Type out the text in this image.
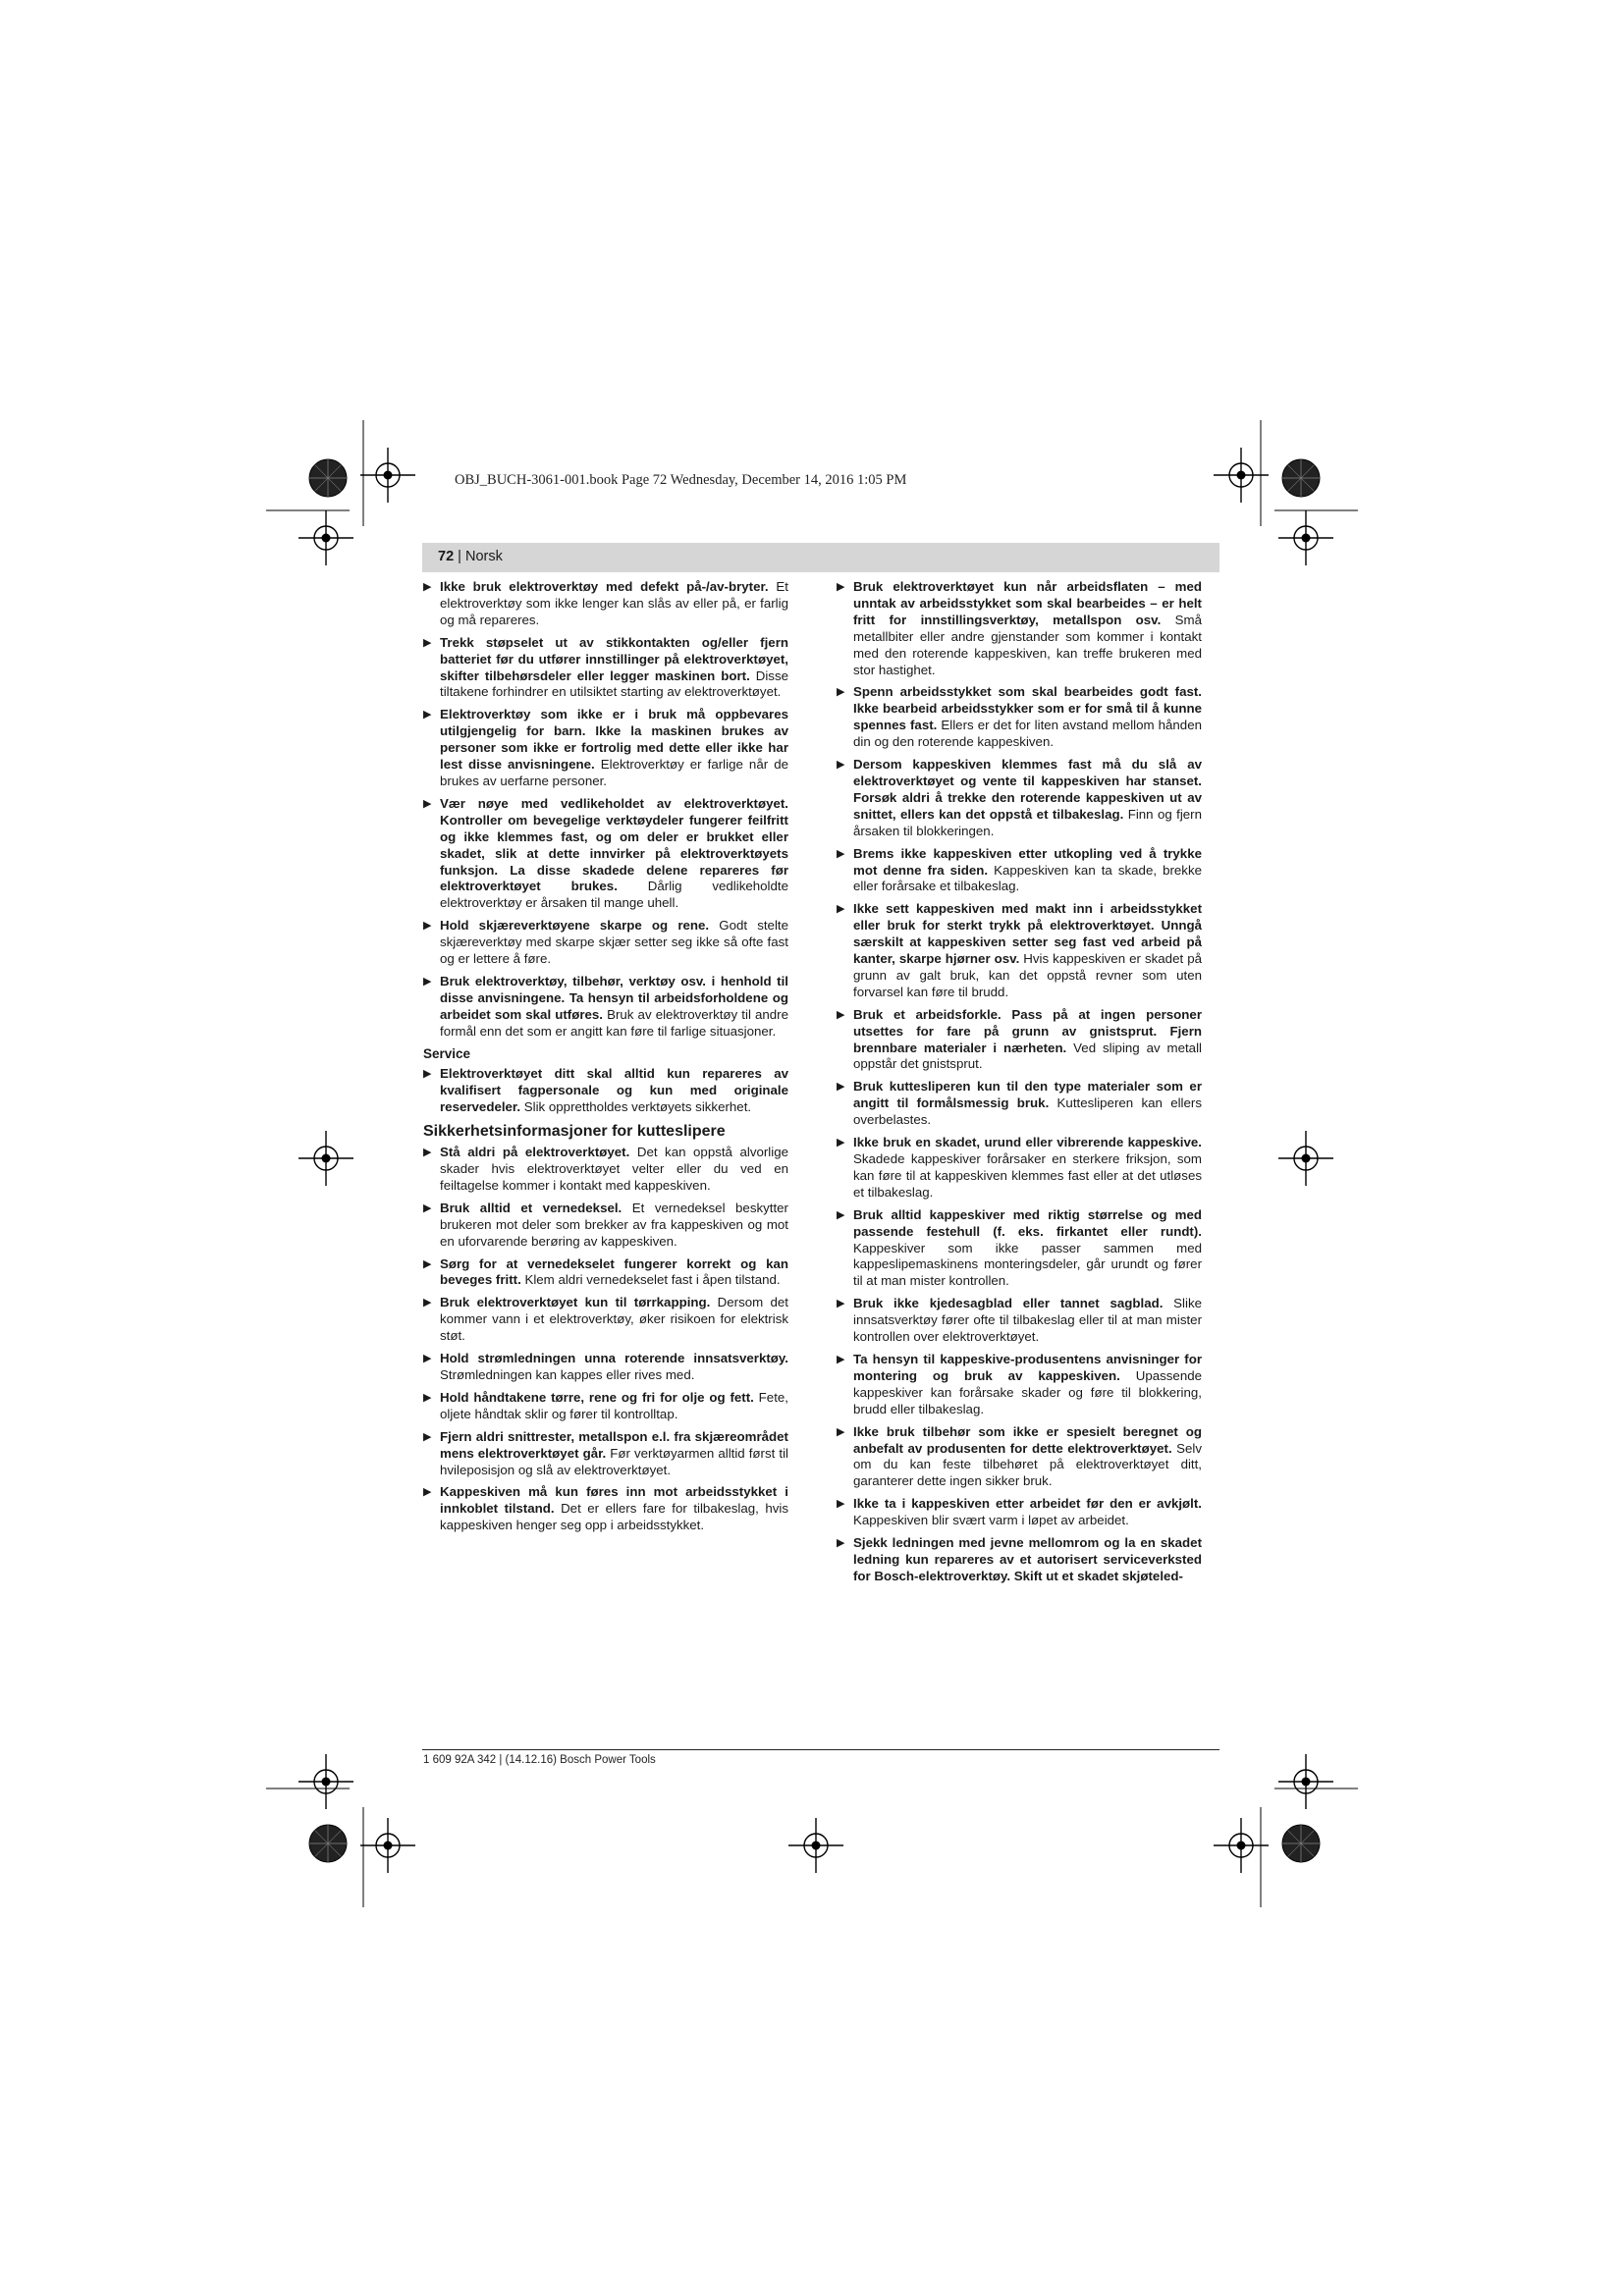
OBJ_BUCH-3061-001.book Page 72 Wednesday, December 14, 2016 1:05 PM
72 | Norsk
▶ Ikke bruk elektroverktøy med defekt på-/av-bryter. Et elektroverktøy som ikke lenger kan slås av eller på, er farlig og må repareres.
▶ Trekk støpselet ut av stikkontakten og/eller fjern batteriet før du utfører innstillinger på elektroverktøyet, skifter tilbehørsdeler eller legger maskinen bort. Disse tiltakene forhindrer en utilsiktet starting av elektroverktøyet.
▶ Elektroverktøy som ikke er i bruk må oppbevares utilgjengelig for barn. Ikke la maskinen brukes av personer som ikke er fortrolig med dette eller ikke har lest disse anvisningene. Elektroverktøy er farlige når de brukes av uerfarne personer.
▶ Vær nøye med vedlikeholdet av elektroverktøyet. Kontroller om bevegelige verktøydeler fungerer feilfritt og ikke klemmes fast, og om deler er brukket eller skadet, slik at dette innvirker på elektroverktøyets funksjon. La disse skadede delene repareres før elektroverktøyet brukes. Dårlig vedlikeholdte elektroverktøy er årsaken til mange uhell.
▶ Hold skjæreverktøyene skarpe og rene. Godt stelte skjæreverktøy med skarpe skjær setter seg ikke så ofte fast og er lettere å føre.
▶ Bruk elektroverktøy, tilbehør, verktøy osv. i henhold til disse anvisningene. Ta hensyn til arbeidsforholdene og arbeidet som skal utføres. Bruk av elektroverktøy til andre formål enn det som er angitt kan føre til farlige situasjoner.
Service
▶ Elektroverktøyet ditt skal alltid kun repareres av kvalifisert fagpersonale og kun med originale reservedeler. Slik opprettholdes verktøyets sikkerhet.
Sikkerhetsinformasjoner for kutteslipere
▶ Stå aldri på elektroverktøyet. Det kan oppstå alvorlige skader hvis elektroverktøyet velter eller du ved en feiltagelse kommer i kontakt med kappeskiven.
▶ Bruk alltid et vernedeksel. Et vernedeksel beskytter brukeren mot deler som brekker av fra kappeskiven og mot en uforvarende berøring av kappeskiven.
▶ Sørg for at vernedekselet fungerer korrekt og kan beveges fritt. Klem aldri vernedekselet fast i åpen tilstand.
▶ Bruk elektroverktøyet kun til tørrkapping. Dersom det kommer vann i et elektroverktøy, øker risikoen for elektrisk støt.
▶ Hold strømledningen unna roterende innsatsverktøy. Strømledningen kan kappes eller rives med.
▶ Hold håndtakene tørre, rene og fri for olje og fett. Fete, oljete håndtak sklir og fører til kontrolltap.
▶ Fjern aldri snittrester, metallspon e.l. fra skjæreområdet mens elektroverktøyet går. Før verktøyarmen alltid først til hvileposisjon og slå av elektroverktøyet.
▶ Kappeskiven må kun føres inn mot arbeidsstykket i innkoblet tilstand. Det er ellers fare for tilbakeslag, hvis kappeskiven henger seg opp i arbeidsstykket.
▶ Bruk elektroverktøyet kun når arbeidsflaten – med unntak av arbeidsstykket som skal bearbeides – er helt fritt for innstillingsverktøy, metallspon osv. Små metallbiter eller andre gjenstander som kommer i kontakt med den roterende kappeskiven, kan treffe brukeren med stor hastighet.
▶ Spenn arbeidsstykket som skal bearbeides godt fast. Ikke bearbeid arbeidsstykker som er for små til å kunne spennes fast. Ellers er det for liten avstand mellom hånden din og den roterende kappeskiven.
▶ Dersom kappeskiven klemmes fast må du slå av elektroverktøyet og vente til kappeskiven har stanset. Forsøk aldri å trekke den roterende kappeskiven ut av snittet, ellers kan det oppstå et tilbakeslag. Finn og fjern årsaken til blokkeringen.
▶ Brems ikke kappeskiven etter utkopling ved å trykke mot denne fra siden. Kappeskiven kan ta skade, brekke eller forårsake et tilbakeslag.
▶ Ikke sett kappeskiven med makt inn i arbeidsstykket eller bruk for sterkt trykk på elektroverktøyet. Unngå særskilt at kappeskiven setter seg fast ved arbeid på kanter, skarpe hjørner osv. Hvis kappeskiven er skadet på grunn av galt bruk, kan det oppstå revner som uten forvarsel kan føre til brudd.
▶ Bruk et arbeidsforkle. Pass på at ingen personer utsettes for fare på grunn av gnistsprut. Fjern brennbare materialer i nærheten. Ved sliping av metall oppstår det gnistsprut.
▶ Bruk kuttesliperen kun til den type materialer som er angitt til formålsmessig bruk. Kuttesliperen kan ellers overbelastes.
▶ Ikke bruk en skadet, urund eller vibrerende kappeskive. Skadede kappeskiver forårsaker en sterkere friksjon, som kan føre til at kappeskiven klemmes fast eller at det utløses et tilbakeslag.
▶ Bruk alltid kappeskiver med riktig størrelse og med passende festehull (f. eks. firkantet eller rundt). Kappeskiver som ikke passer sammen med kappeslipemaskinens monteringsdeler, går urundt og fører til at man mister kontrollen.
▶ Bruk ikke kjedesagblad eller tannet sagblad. Slike innsatsverktøy fører ofte til tilbakeslag eller til at man mister kontrollen over elektroverktøyet.
▶ Ta hensyn til kappeskive-produsentens anvisninger for montering og bruk av kappeskiven. Upassende kappeskiver kan forårsake skader og føre til blokkering, brudd eller tilbakeslag.
▶ Ikke bruk tilbehør som ikke er spesielt beregnet og anbefalt av produsenten for dette elektroverktøyet. Selv om du kan feste tilbehøret på elektroverktøyet ditt, garanterer dette ingen sikker bruk.
▶ Ikke ta i kappeskiven etter arbeidet før den er avkjølt. Kappeskiven blir svært varm i løpet av arbeidet.
▶ Sjekk ledningen med jevne mellomrom og la en skadet ledning kun repareres av et autorisert serviceverksted for Bosch-elektroverktøy. Skift ut et skadet skjøteled-
1 609 92A 342 | (14.12.16) Bosch Power Tools
